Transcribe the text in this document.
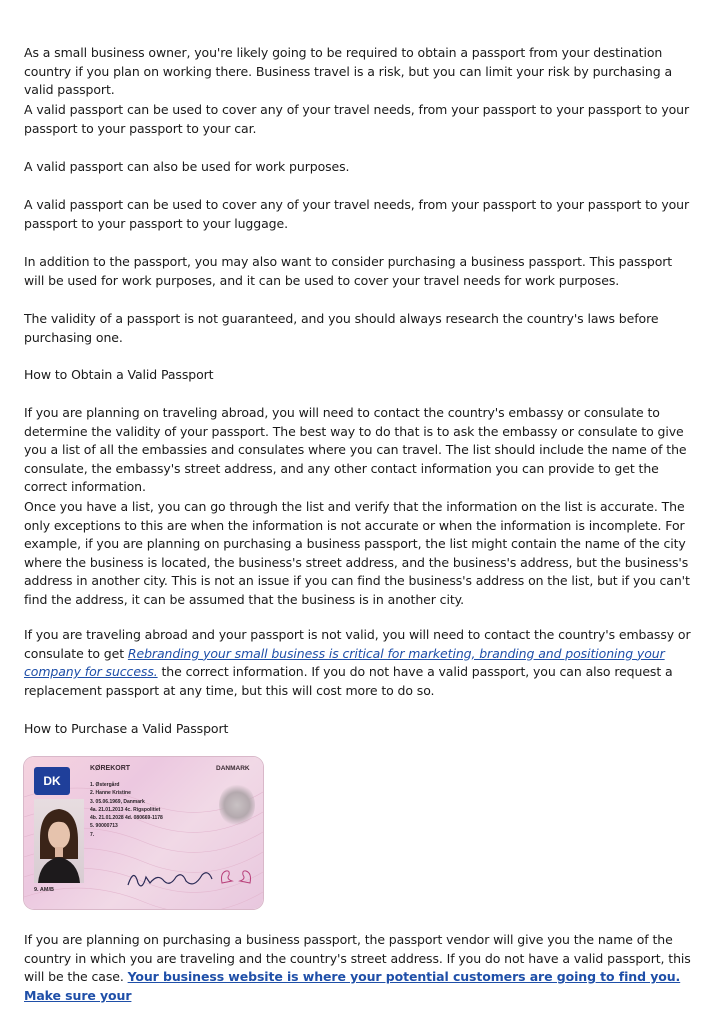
As a small business owner, you're likely going to be required to obtain a passport from your destination country if you plan on working there. Business travel is a risk, but you can limit your risk by purchasing a valid passport.

A valid passport can be used to cover any of your travel needs, from your passport to your passport to your passport to your passport to your car.

A valid passport can also be used for work purposes.

A valid passport can be used to cover any of your travel needs, from your passport to your passport to your passport to your passport to your luggage.

In addition to the passport, you may also want to consider purchasing a business passport. This passport will be used for work purposes, and it can be used to cover your travel needs for work purposes.

The validity of a passport is not guaranteed, and you should always research the country's laws before purchasing one.

How to Obtain a Valid Passport

If you are planning on traveling abroad, you will need to contact the country's embassy or consulate to determine the validity of your passport. The best way to do that is to ask the embassy or consulate to give you a list of all the embassies and consulates where you can travel. The list should include the name of the consulate, the embassy's street address, and any other contact information you can provide to get the correct information.

Once you have a list, you can go through the list and verify that the information on the list is accurate. The only exceptions to this are when the information is not accurate or when the information is incomplete. For example, if you are planning on purchasing a business passport, the list might contain the name of the city where the business is located, the business's street address, and the business's address, but the business's address in another city. This is not an issue if you can find the business's address on the list, but if you can't find the address, it can be assumed that the business is in another city.

If you are traveling abroad and your passport is not valid, you will need to contact the country's embassy or consulate to get Rebranding your small business is critical for marketing, branding and positioning your company for success. the correct information. If you do not have a valid passport, you can also request a replacement passport at any time, but this will cost more to do so.

How to Purchase a Valid Passport

DK
KØREKORT	DANMARK
1. Østergård
2. Hanne Kristine
3. 05.06.1969, Danmark
4a. 21.01.2013 4c. Rigspolitiet
4b. 21.01.2028 4d. 080669-1178
5. 90000713
7.
9. AM/B

If you are planning on purchasing a business passport, the passport vendor will give you the name of the country in which you are traveling and the country's street address. If you do not have a valid passport, this will be the case. Your business website is where your potential customers are going to find you. Make sure your
